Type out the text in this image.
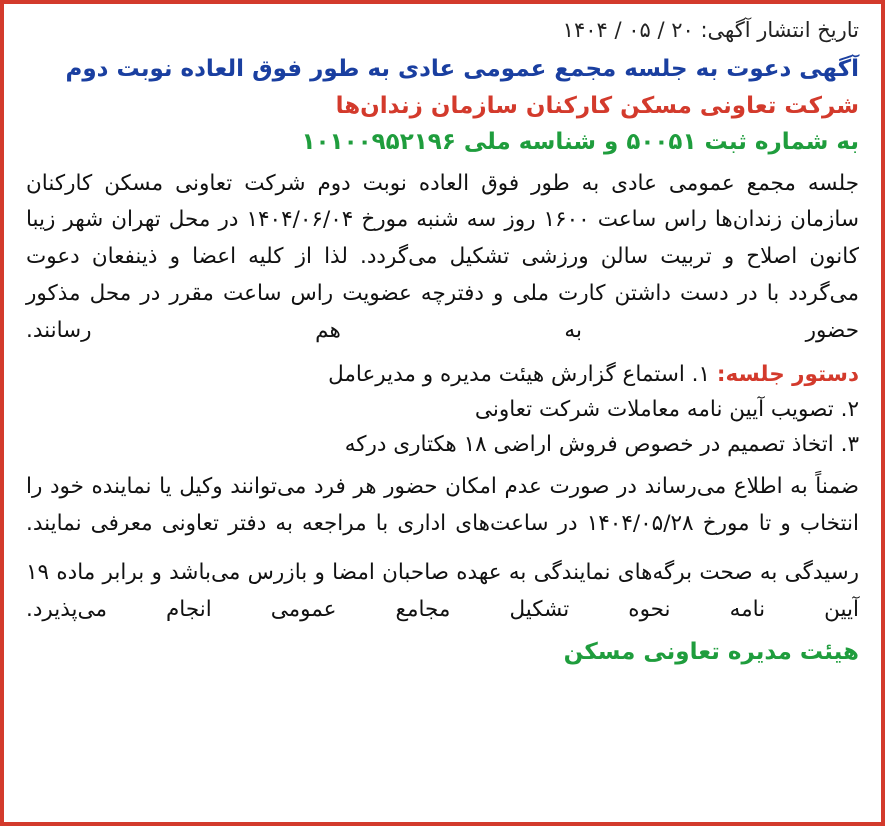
تاریخ انتشار آگهی: ۲۰ / ۰۵ / ۱۴۰۴
آگهی دعوت به جلسه مجمع عمومی عادی به طور فوق العاده نوبت دوم
شرکت تعاونی مسکن کارکنان سازمان زندان‌ها
به شماره ثبت ۵۰۰۵۱ و شناسه ملی ۱۰۱۰۰۹۵۲۱۹۶

جلسه مجمع عمومی عادی به طور فوق العاده نوبت دوم شرکت تعاونی مسکن کارکنان سازمان زندان‌ها راس ساعت ۱۶۰۰ روز سه شنبه مورخ ۱۴۰۴/۰۶/۰۴ در محل تهران شهر زیبا کانون اصلاح و تربیت سالن ورزشی تشکیل می‌گردد. لذا از کلیه اعضا و ذینفعان دعوت می‌گردد با در دست داشتن کارت ملی و دفترچه عضویت راس ساعت مقرر در محل مذکور حضور به هم رسانند.

دستور جلسه: ۱. استماع گزارش هیئت مدیره و مدیرعامل
۲. تصویب آیین نامه معاملات شرکت تعاونی
۳. اتخاذ تصمیم در خصوص فروش اراضی ۱۸ هکتاری درکه

ضمناً به اطلاع می‌رساند در صورت عدم امکان حضور هر فرد می‌توانند وکیل یا نماینده خود را انتخاب و تا مورخ ۱۴۰۴/۰۵/۲۸ در ساعت‌های اداری با مراجعه به دفتر تعاونی معرفی نمایند.

رسیدگی به صحت برگه‌های نمایندگی به عهده صاحبان امضا و بازرس می‌باشد و برابر ماده ۱۹ آیین نامه نحوه تشکیل مجامع عمومی انجام می‌پذیرد.

هیئت مدیره تعاونی مسکن
